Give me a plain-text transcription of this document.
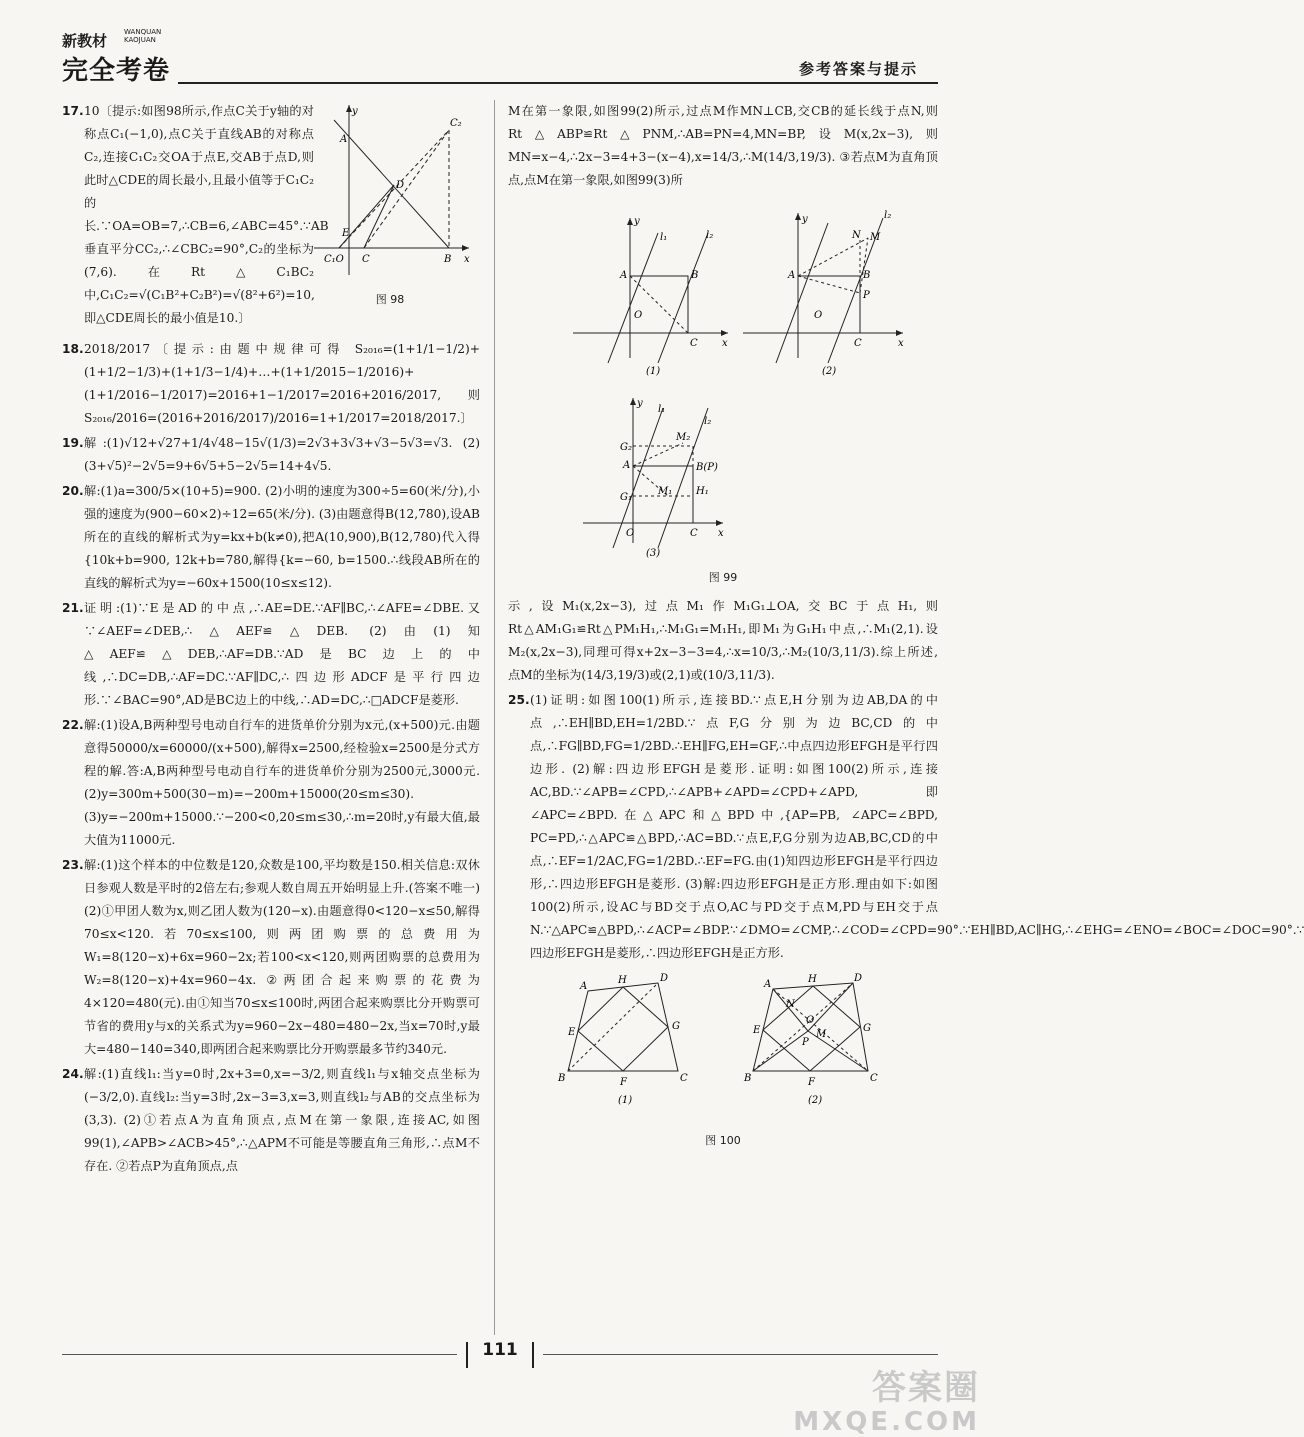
新教材 WANQUAN
KAOJUAN
完全考卷	参考答案与提示
17. 10〔提示:如图98所示,作点C关于y轴的对称点C₁(−1,0),点C关于直线AB的对称点C₂,连接C₁C₂交OA于点E,交AB于点D,则此时△CDE的周长最小,且最小值等于C₁C₂的长.∵OA=OB=7,∴CB=6,∠ABC=45°.∵AB垂直平分CC₂,∴∠CBC₂=90°,C₂的坐标为(7,6).在Rt△C₁BC₂中,C₁C₂=√(C₁B²+C₂B²)=√(8²+6²)=10,即△CDE周长的最小值是10.〕
y
A
C₂
D
E
C₁O C	B x
图 98
18. 2018/2017〔提示:由题中规律可得 S₂₀₁₆=(1+1/1−1/2)+(1+1/2−1/3)+(1+1/3−1/4)+…+(1+1/2015−1/2016)+(1+1/2016−1/2017)=2016+1−1/2017=2016+2016/2017,则S₂₀₁₆/2016=(2016+2016/2017)/2016=1+1/2017=2018/2017.〕
19. 解:(1)√12+√27+1/4√48−15√(1/3)=2√3+3√3+√3−5√3=√3. (2)(3+√5)²−2√5=9+6√5+5−2√5=14+4√5.
20. 解:(1)a=300/5×(10+5)=900. (2)小明的速度为300÷5=60(米/分),小强的速度为(900−60×2)÷12=65(米/分). (3)由题意得B(12,780),设AB所在的直线的解析式为y=kx+b(k≠0),把A(10,900),B(12,780)代入得{10k+b=900, 12k+b=780,解得{k=−60, b=1500.∴线段AB所在的直线的解析式为y=−60x+1500(10≤x≤12).
21. 证明:(1)∵E是AD的中点,∴AE=DE.∵AF∥BC,∴∠AFE=∠DBE.又∵∠AEF=∠DEB,∴△AEF≌△DEB. (2)由(1)知△AEF≌△DEB,∴AF=DB.∵AD是BC边上的中线,∴DC=DB,∴AF=DC.∵AF∥DC,∴四边形ADCF是平行四边形.∵∠BAC=90°,AD是BC边上的中线,∴AD=DC,∴□ADCF是菱形.
22. 解:(1)设A,B两种型号电动自行车的进货单价分别为x元,(x+500)元.由题意得50000/x=60000/(x+500),解得x=2500,经检验x=2500是分式方程的解.答:A,B两种型号电动自行车的进货单价分别为2500元,3000元. (2)y=300m+500(30−m)=−200m+15000(20≤m≤30). (3)y=−200m+15000.∵−200<0,20≤m≤30,∴m=20时,y有最大值,最大值为11000元.
23. 解:(1)这个样本的中位数是120,众数是100,平均数是150.相关信息:双休日参观人数是平时的2倍左右;参观人数自周五开始明显上升.(答案不唯一) (2)①甲团人数为x,则乙团人数为(120−x).由题意得0<120−x≤50,解得70≤x<120.若70≤x≤100,则两团购票的总费用为W₁=8(120−x)+6x=960−2x;若100<x<120,则两团购票的总费用为W₂=8(120−x)+4x=960−4x. ②两团合起来购票的花费为4×120=480(元).由①知当70≤x≤100时,两团合起来购票比分开购票可节省的费用y与x的关系式为y=960−2x−480=480−2x,当x=70时,y最大=480−140=340,即两团合起来购票比分开购票最多节约340元.
24. 解:(1)直线l₁:当y=0时,2x+3=0,x=−3/2,则直线l₁与x轴交点坐标为(−3/2,0).直线l₂:当y=3时,2x−3=3,x=3,则直线l₂与AB的交点坐标为(3,3). (2)①若点A为直角顶点,点M在第一象限,连接AC,如图99(1),∠APB>∠ACB>45°,∴△APM不可能是等腰直角三角形,∴点M不存在. ②若点P为直角顶点,点
M在第一象限,如图99(2)所示,过点M作MN⊥CB,交CB的延长线于点N,则Rt△ABP≌Rt△PNM,∴AB=PN=4,MN=BP,设M(x,2x−3),则MN=x−4,∴2x−3=4+3−(x−4),x=14/3,∴M(14/3,19/3). ③若点M为直角顶点,点M在第一象限,如图99(3)所
y
A	B
C x
l₁	l₂
O
(1)
y
A	B
P
M
N
C	x
l₂
O
(2)
y
A
G₂
G₁
B(P)
M₂
M₁ H₁
C x
O
l₁
l₂
(3)
图 99
示,设M₁(x,2x−3),过点M₁作M₁G₁⊥OA,交BC于点H₁,则Rt△AM₁G₁≌Rt△PM₁H₁,∴M₁G₁=M₁H₁,即M₁为G₁H₁中点,∴M₁(2,1).设M₂(x,2x−3),同理可得x+2x−3−3=4,∴x=10/3,∴M₂(10/3,11/3).综上所述,点M的坐标为(14/3,19/3)或(2,1)或(10/3,11/3).
25. (1)证明:如图100(1)所示,连接BD.∵点E,H分别为边AB,DA的中点,∴EH∥BD,EH=1/2BD.∵点F,G分别为边BC,CD的中点,∴FG∥BD,FG=1/2BD.∴EH∥FG,EH=GF,∴中点四边形EFGH是平行四边形. (2)解:四边形EFGH是菱形.证明:如图100(2)所示,连接AC,BD.∵∠APB=∠CPD,∴∠APB+∠APD=∠CPD+∠APD,即∠APC=∠BPD.在△APC和△BPD中,{AP=PB, ∠APC=∠BPD, PC=PD,∴△APC≌△BPD,∴AC=BD.∵点E,F,G分别为边AB,BC,CD的中点,∴EF=1/2AC,FG=1/2BD.∴EF=FG.由(1)知四边形EFGH是平行四边形,∴四边形EFGH是菱形. (3)解:四边形EFGH是正方形.理由如下:如图100(2)所示,设AC与BD交于点O,AC与PD交于点M,PD与EH交于点N.∵△APC≌△BPD,∴∠ACP=∠BDP.∵∠DMO=∠CMP,∴∠COD=∠CPD=90°.∵EH∥BD,AC∥HG,∴∠EHG=∠ENO=∠BOC=∠DOC=90°.∵四边形EFGH是菱形,∴四边形EFGH是正方形.
A
H	D
G
E
B	F	C
(1)
A	H	D
N
O
M
P
G
E
B	F	C
(2)
图 100
111
答案圈
MXQE.COM
